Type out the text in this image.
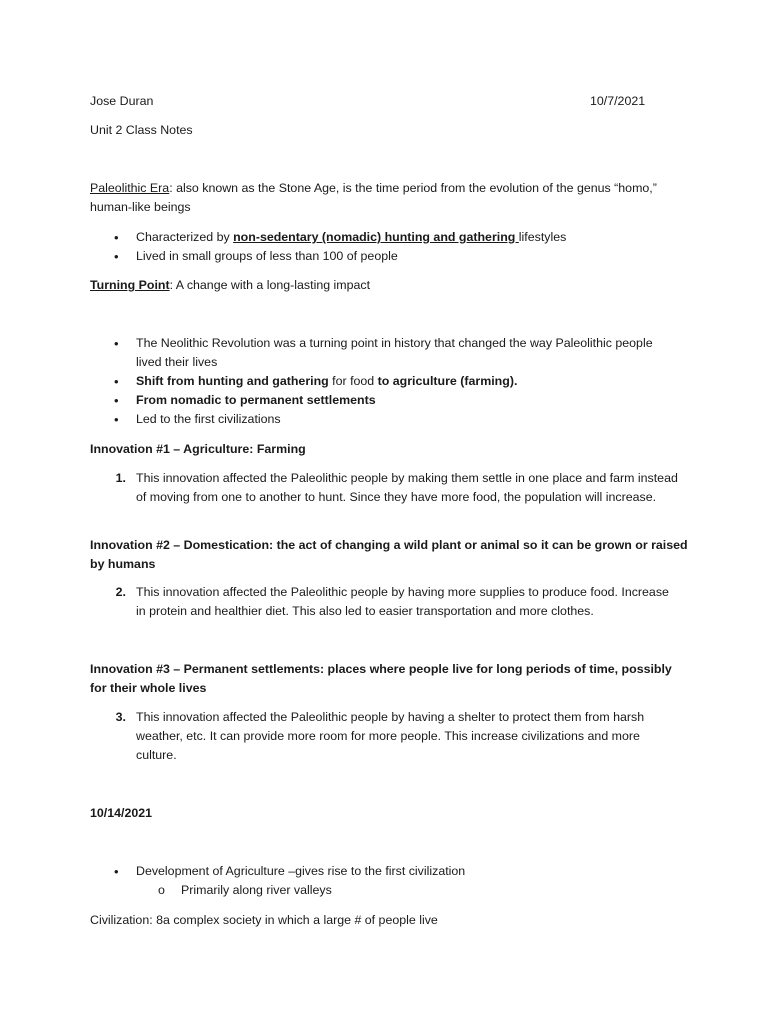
Jose Duran	10/7/2021
Unit 2 Class Notes
Paleolithic Era: also known as the Stone Age, is the time period from the evolution of the genus “homo,” human-like beings
•	Characterized by non-sedentary (nomadic) hunting and gathering lifestyles
•	Lived in small groups of less than 100 of people
Turning Point: A change with a long-lasting impact
•	The Neolithic Revolution was a turning point in history that changed the way Paleolithic people lived their lives
•	Shift from hunting and gathering for food to agriculture (farming).
•	From nomadic to permanent settlements
•	Led to the first civilizations
Innovation #1 – Agriculture: Farming
1. This innovation affected the Paleolithic people by making them settle in one place and farm instead of moving from one to another to hunt. Since they have more food, the population will increase.
Innovation #2 – Domestication: the act of changing a wild plant or animal so it can be grown or raised by humans
2. This innovation affected the Paleolithic people by having more supplies to produce food. Increase in protein and healthier diet. This also led to easier transportation and more clothes.
Innovation #3 – Permanent settlements: places where people live for long periods of time, possibly for their whole lives
3. This innovation affected the Paleolithic people by having a shelter to protect them from harsh weather, etc. It can provide more room for more people. This increase civilizations and more culture.
10/14/2021
•	Development of Agriculture –gives rise to the first civilization
o Primarily along river valleys
Civilization: 8a complex society in which a large # of people live
